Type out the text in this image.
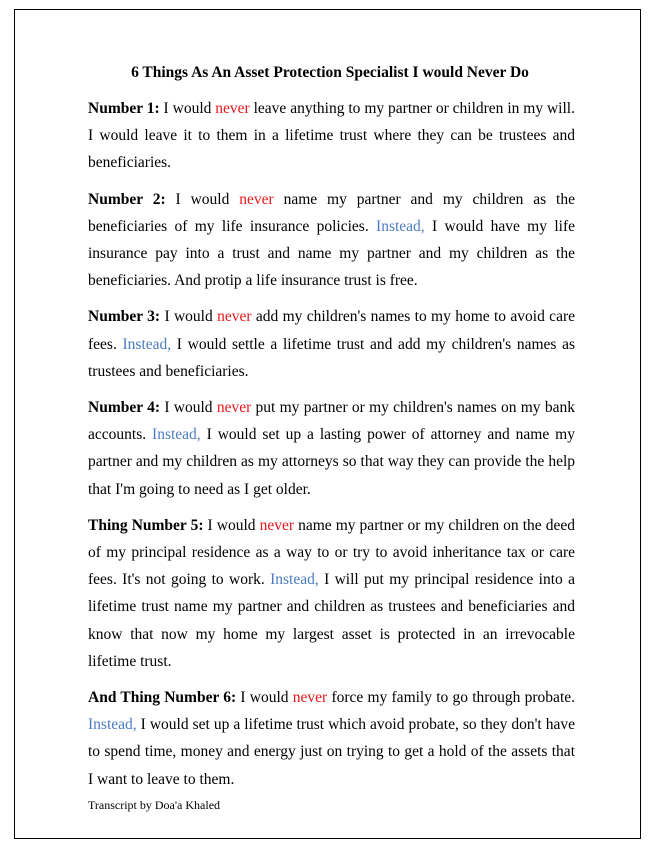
6 Things As An Asset Protection Specialist I would Never Do

Number 1: I would never leave anything to my partner or children in my will. I would leave it to them in a lifetime trust where they can be trustees and beneficiaries.

Number 2: I would never name my partner and my children as the beneficiaries of my life insurance policies. Instead, I would have my life insurance pay into a trust and name my partner and my children as the beneficiaries. And protip a life insurance trust is free.

Number 3: I would never add my children's names to my home to avoid care fees. Instead, I would settle a lifetime trust and add my children's names as trustees and beneficiaries.

Number 4: I would never put my partner or my children's names on my bank accounts. Instead, I would set up a lasting power of attorney and name my partner and my children as my attorneys so that way they can provide the help that I'm going to need as I get older.

Thing Number 5: I would never name my partner or my children on the deed of my principal residence as a way to or try to avoid inheritance tax or care fees. It's not going to work. Instead, I will put my principal residence into a lifetime trust name my partner and children as trustees and beneficiaries and know that now my home my largest asset is protected in an irrevocable lifetime trust.

And Thing Number 6: I would never force my family to go through probate. Instead, I would set up a lifetime trust which avoid probate, so they don't have to spend time, money and energy just on trying to get a hold of the assets that I want to leave to them.

Transcript by Doa'a Khaled
